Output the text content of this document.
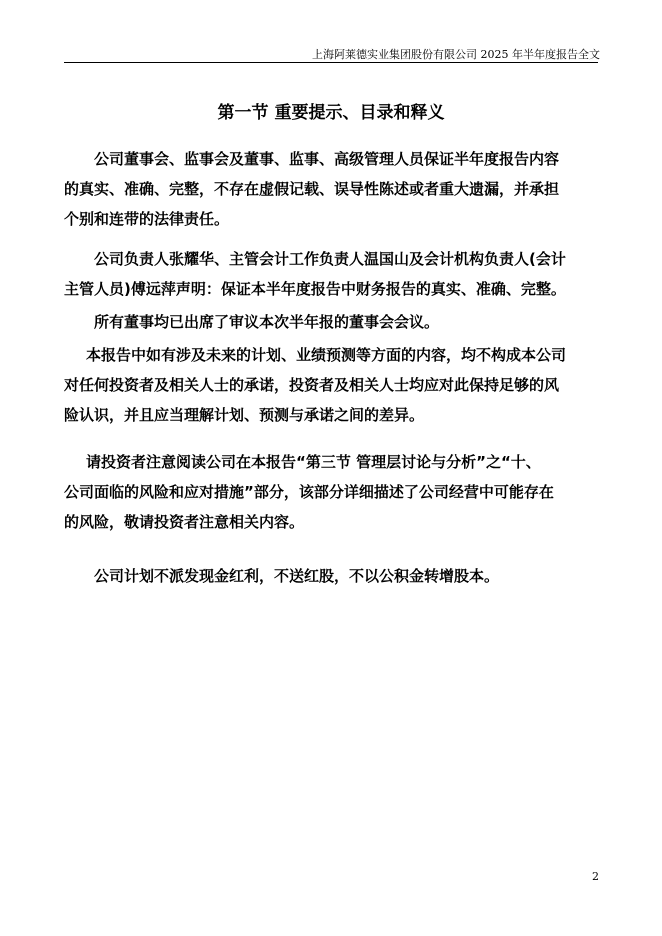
上海阿莱德实业集团股份有限公司 2025 年半年度报告全文
第一节 重要提示、目录和释义
公司董事会、监事会及董事、监事、高级管理人员保证半年度报告内容
的真实、准确、完整，不存在虚假记载、误导性陈述或者重大遗漏，并承担
个别和连带的法律责任。
公司负责人张耀华、主管会计工作负责人温国山及会计机构负责人(会计
主管人员)傅远萍声明：保证本半年度报告中财务报告的真实、准确、完整。
所有董事均已出席了审议本次半年报的董事会会议。
本报告中如有涉及未来的计划、业绩预测等方面的内容，均不构成本公司
对任何投资者及相关人士的承诺，投资者及相关人士均应对此保持足够的风
险认识，并且应当理解计划、预测与承诺之间的差异。
请投资者注意阅读公司在本报告“第三节 管理层讨论与分析”之“十、
公司面临的风险和应对措施”部分，该部分详细描述了公司经营中可能存在
的风险，敬请投资者注意相关内容。
公司计划不派发现金红利，不送红股，不以公积金转增股本。
2
